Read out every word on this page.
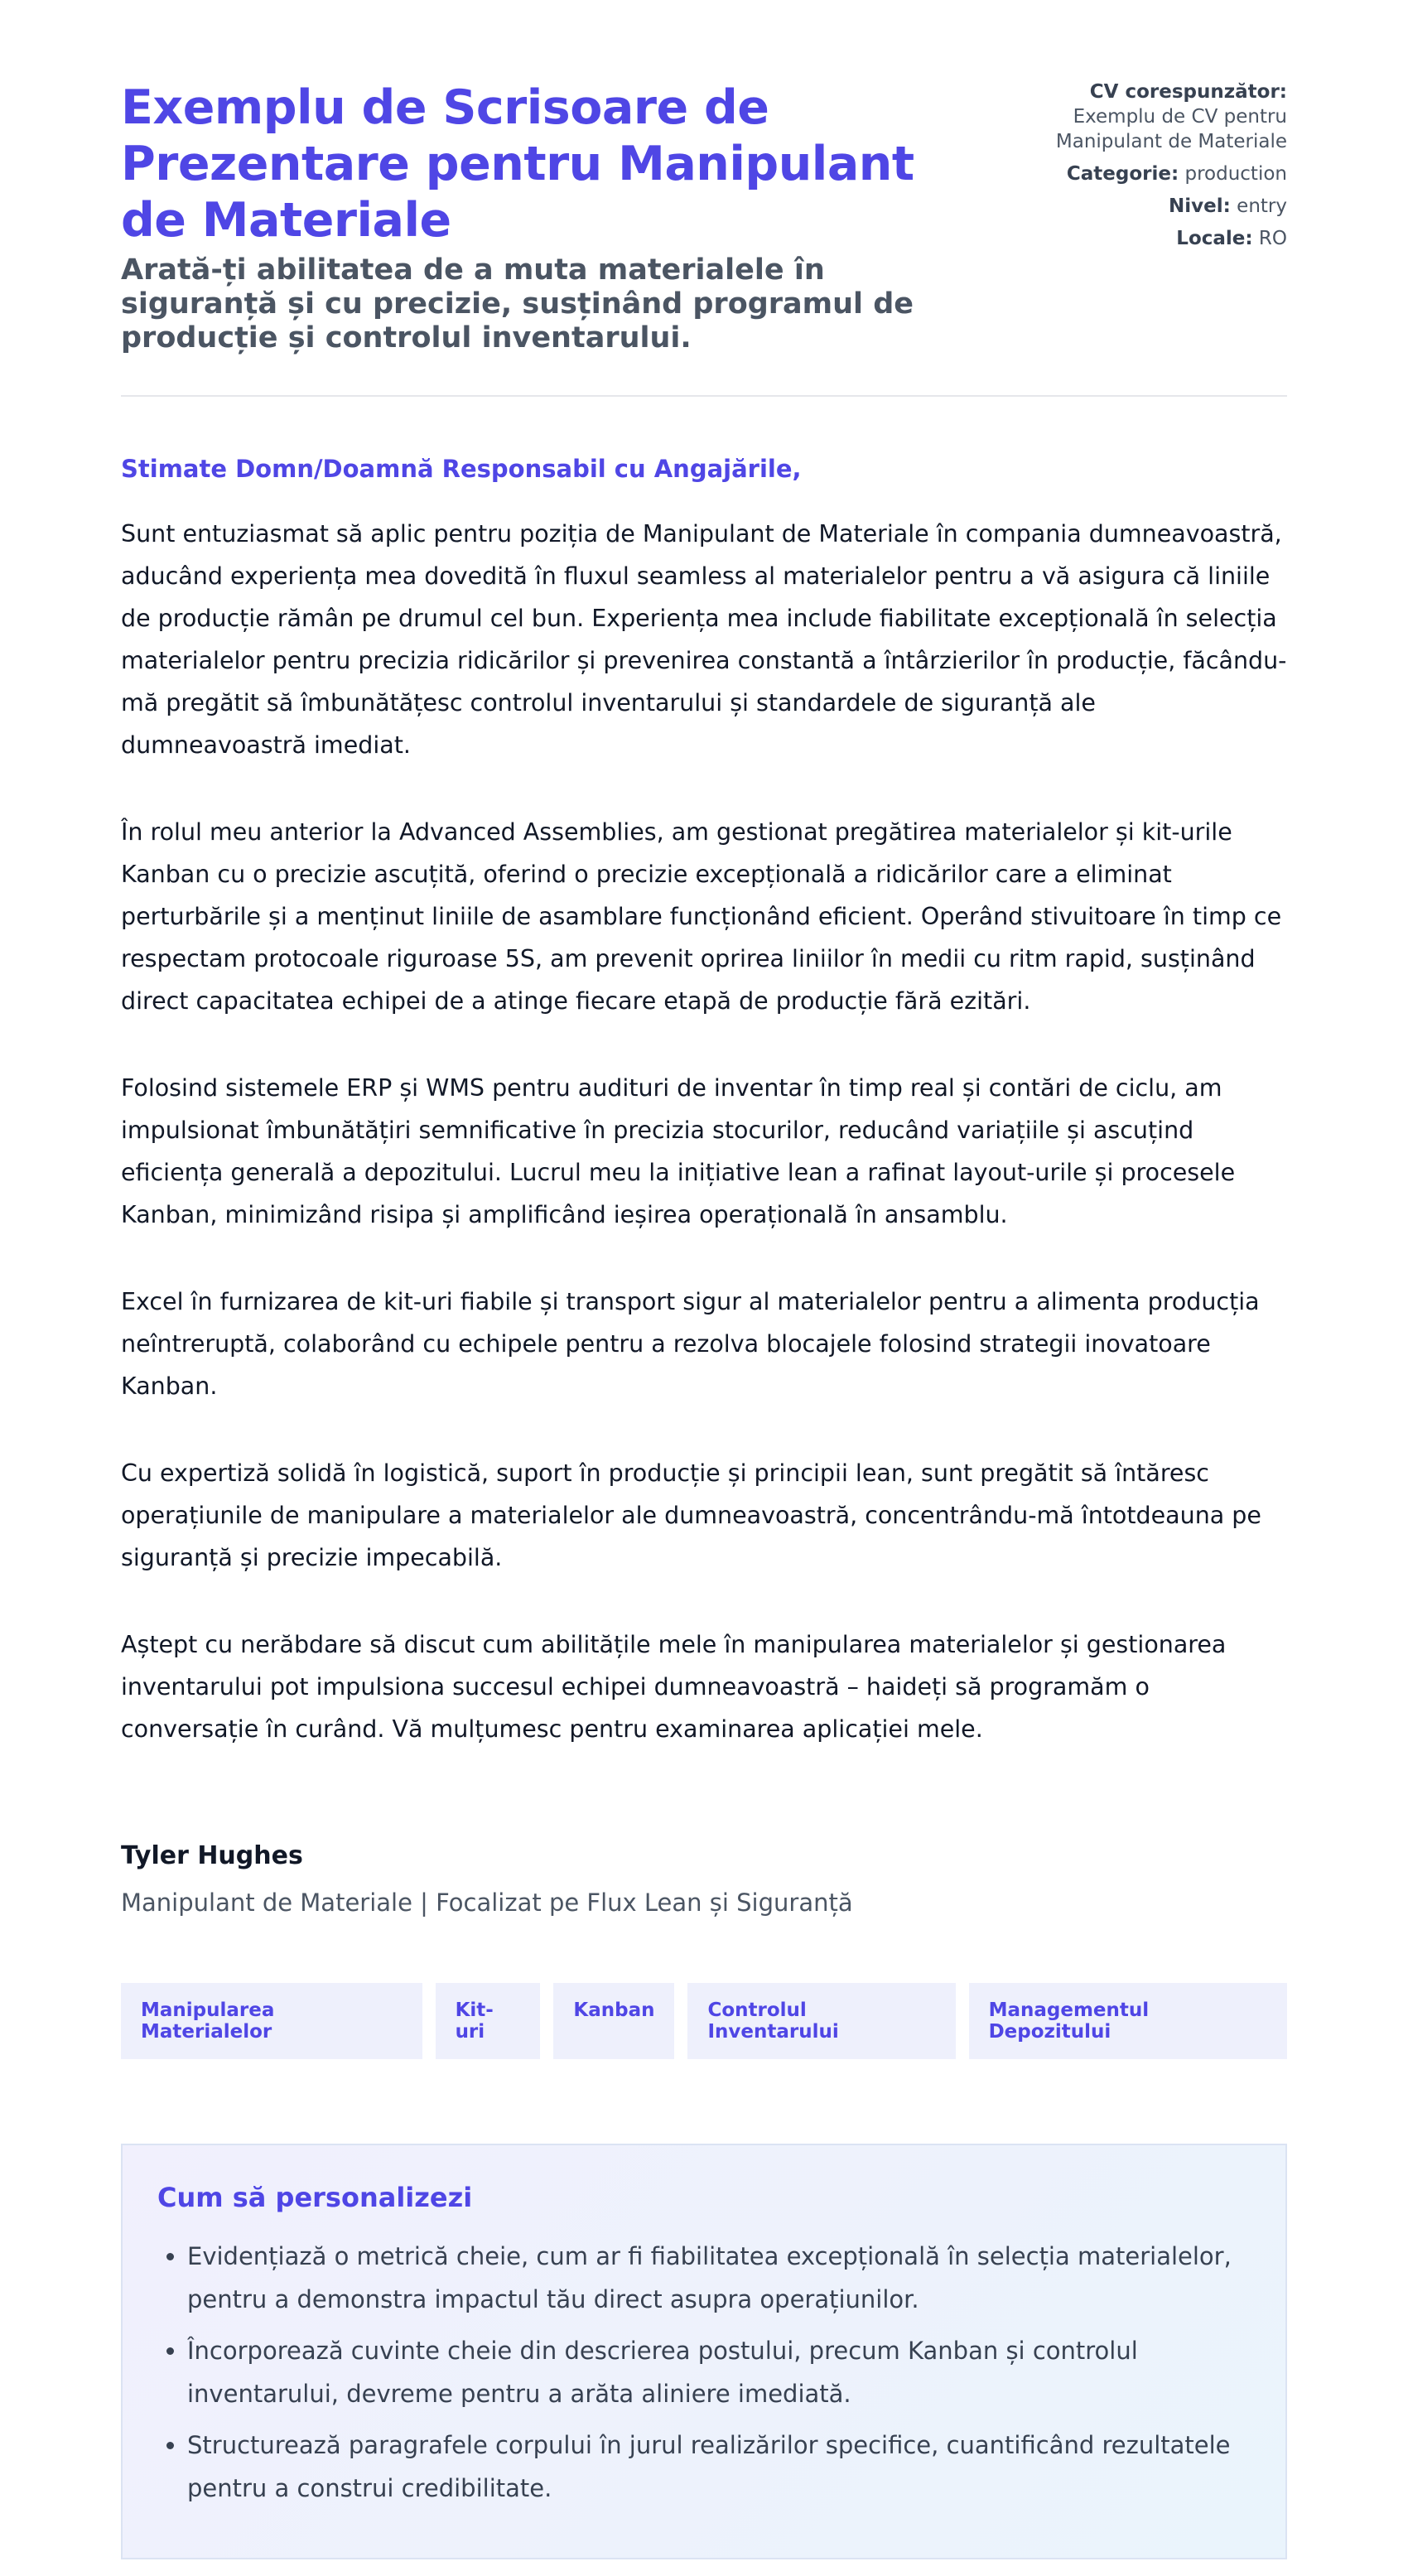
Exemplu de Scrisoare de Prezentare pentru Manipulant de Materiale

Arată-ți abilitatea de a muta materialele în siguranță și cu precizie, susținând programul de producție și controlul inventarului.

CV corespunzător: Exemplu de CV pentru Manipulant de Materiale
Categorie: production
Nivel: entry
Locale: RO
Stimate Domn/Doamnă Responsabil cu Angajările,

Sunt entuziasmat să aplic pentru poziția de Manipulant de Materiale în compania dumneavoastră, aducând experiența mea dovedită în fluxul seamless al materialelor pentru a vă asigura că liniile de producție rămân pe drumul cel bun. Experiența mea include fiabilitate excepțională în selecția materialelor pentru precizia ridicărilor și prevenirea constantă a întârzierilor în producție, făcându-mă pregătit să îmbunătățesc controlul inventarului și standardele de siguranță ale dumneavoastră imediat.

În rolul meu anterior la Advanced Assemblies, am gestionat pregătirea materialelor și kit-urile Kanban cu o precizie ascuțită, oferind o precizie excepțională a ridicărilor care a eliminat perturbările și a menținut liniile de asamblare funcționând eficient. Operând stivuitoare în timp ce respectam protocoale riguroase 5S, am prevenit oprirea liniilor în medii cu ritm rapid, susținând direct capacitatea echipei de a atinge fiecare etapă de producție fără ezitări.

Folosind sistemele ERP și WMS pentru audituri de inventar în timp real și contări de ciclu, am impulsionat îmbunătățiri semnificative în precizia stocurilor, reducând variațiile și ascuțind eficiența generală a depozitului. Lucrul meu la inițiative lean a rafinat layout-urile și procesele Kanban, minimizând risipa și amplificând ieșirea operațională în ansamblu.

Excel în furnizarea de kit-uri fiabile și transport sigur al materialelor pentru a alimenta producția neîntreruptă, colaborând cu echipele pentru a rezolva blocajele folosind strategii inovatoare Kanban.

Cu expertiză solidă în logistică, suport în producție și principii lean, sunt pregătit să întăresc operațiunile de manipulare a materialelor ale dumneavoastră, concentrându-mă întotdeauna pe siguranță și precizie impecabilă.

Aștept cu nerăbdare să discut cum abilitățile mele în manipularea materialelor și gestionarea inventarului pot impulsiona succesul echipei dumneavoastră – haideți să programăm o conversație în curând. Vă mulțumesc pentru examinarea aplicației mele.

Tyler Hughes
Manipulant de Materiale | Focalizat pe Flux Lean și Siguranță
Manipularea Materialelor
Kit-uri
Kanban	Controlul Inventarului
Managementul Depozitului
Cum să personalizezi
• Evidențiază o metrică cheie, cum ar fi fiabilitatea excepțională în selecția materialelor, pentru a demonstra impactul tău direct asupra operațiunilor.
• Încorporează cuvinte cheie din descrierea postului, precum Kanban și controlul inventarului, devreme pentru a arăta aliniere imediată.
• Structurează paragrafele corpului în jurul realizărilor specifice, cuantificând rezultatele pentru a construi credibilitate.
